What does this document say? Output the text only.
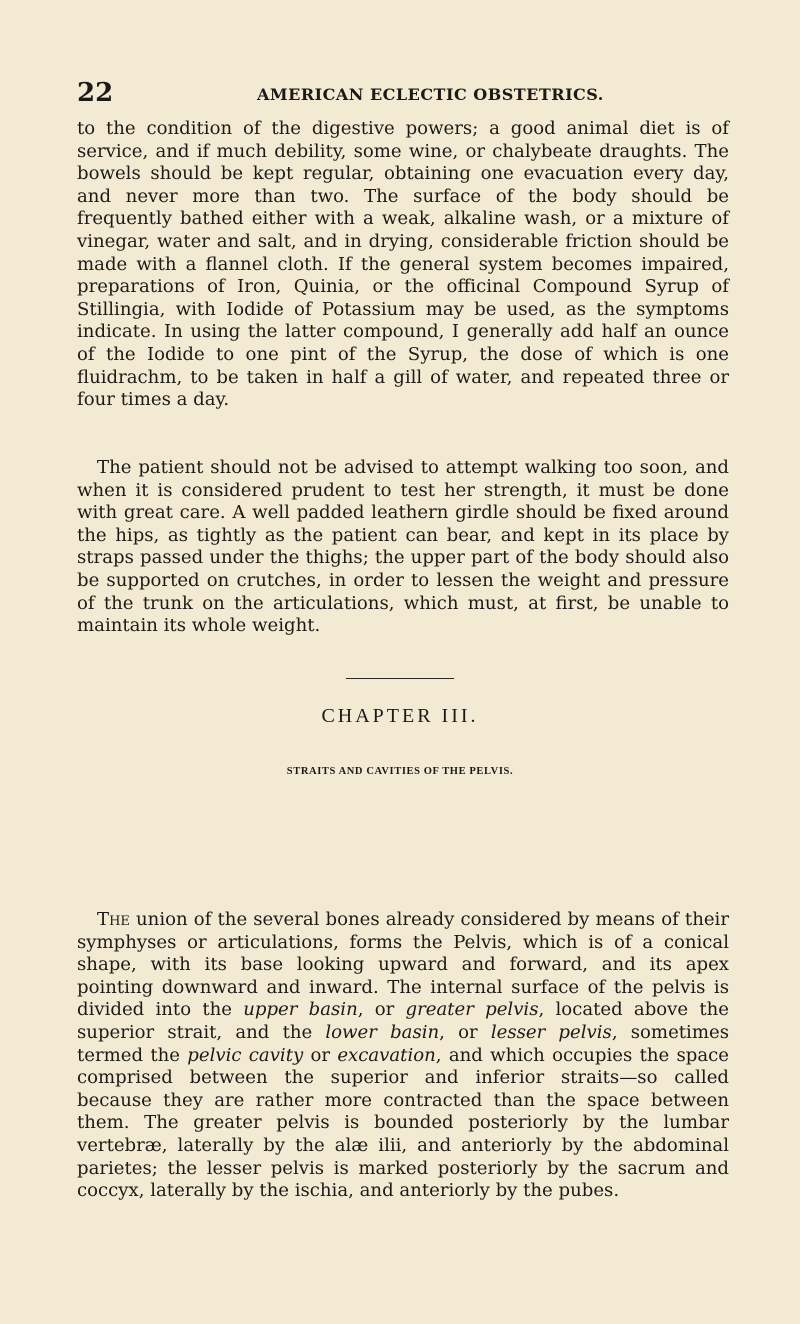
22	AMERICAN ECLECTIC OBSTETRICS.

to the condition of the digestive powers; a good animal diet is of service, and if much debility, some wine, or chalybeate draughts. The bowels should be kept regular, obtaining one evacuation every day, and never more than two. The surface of the body should be frequently bathed either with a weak, alkaline wash, or a mixture of vinegar, water and salt, and in drying, considerable friction should be made with a flannel cloth. If the general system becomes impaired, preparations of Iron, Quinia, or the officinal Compound Syrup of Stillingia, with Iodide of Potassium may be used, as the symptoms indicate. In using the latter compound, I generally add half an ounce of the Iodide to one pint of the Syrup, the dose of which is one fluidrachm, to be taken in half a gill of water, and repeated three or four times a day.

The patient should not be advised to attempt walking too soon, and when it is considered prudent to test her strength, it must be done with great care. A well padded leathern girdle should be fixed around the hips, as tightly as the patient can bear, and kept in its place by straps passed under the thighs; the upper part of the body should also be supported on crutches, in order to lessen the weight and pressure of the trunk on the articulations, which must, at first, be unable to maintain its whole weight.

CHAPTER III.
STRAITS AND CAVITIES OF THE PELVIS.

The union of the several bones already considered by means of their symphyses or articulations, forms the Pelvis, which is of a conical shape, with its base looking upward and forward, and its apex pointing downward and inward. The internal surface of the pelvis is divided into the upper basin, or greater pelvis, located above the superior strait, and the lower basin, or lesser pelvis, sometimes termed the pelvic cavity or excavation, and which occupies the space comprised between the superior and inferior straits—so called because they are rather more contracted than the space between them. The greater pelvis is bounded posteriorly by the lumbar vertebræ, laterally by the alæ ilii, and anteriorly by the abdominal parietes; the lesser pelvis is marked posteriorly by the sacrum and coccyx, laterally by the ischia, and anteriorly by the pubes.
